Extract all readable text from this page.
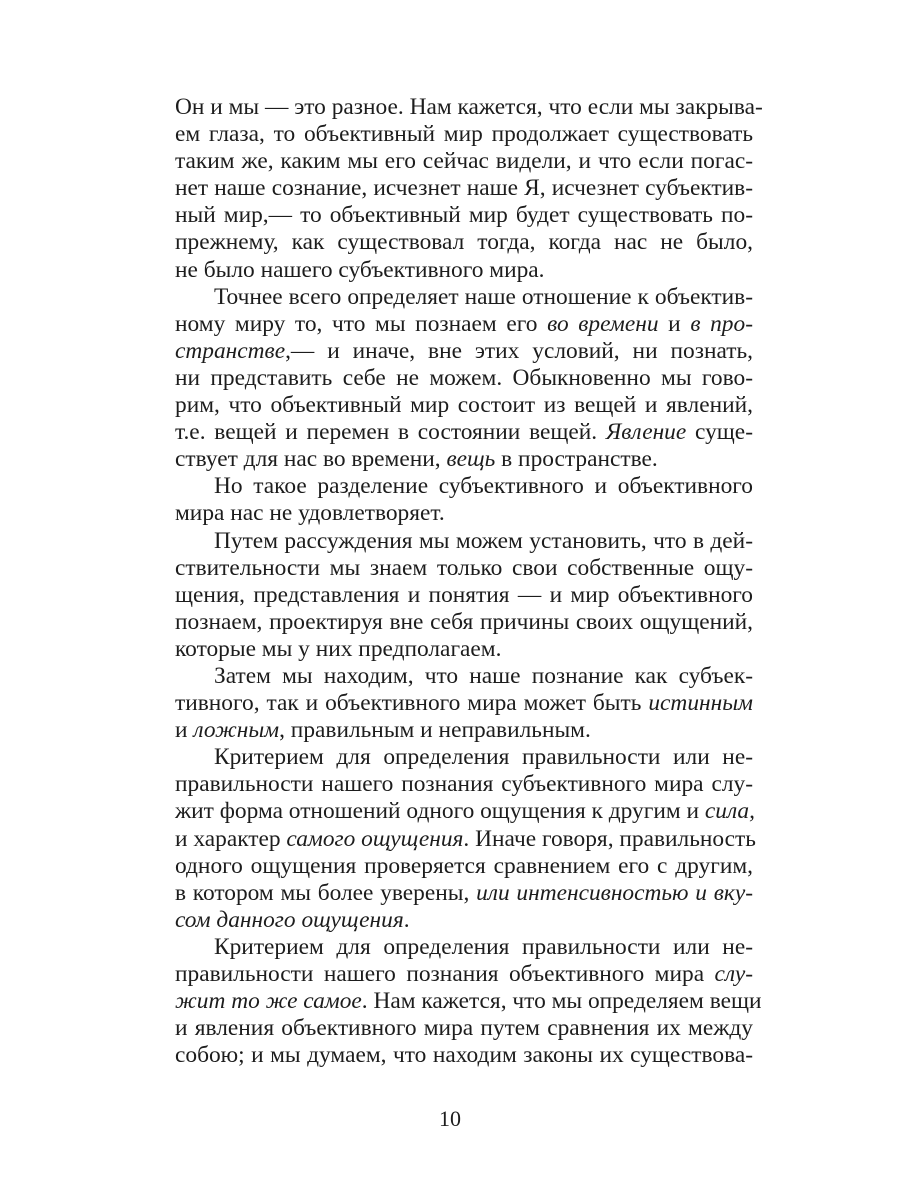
Он и мы — это разное. Нам кажется, что если мы закрыва-
ем глаза, то объективный мир продолжает существовать
таким же, каким мы его сейчас видели, и что если погас-
нет наше сознание, исчезнет наше Я, исчезнет субъектив-
ный мир,— то объективный мир будет существовать по-
прежнему, как существовал тогда, когда нас не было,
не было нашего субъективного мира.
Точнее всего определяет наше отношение к объектив-
ному миру то, что мы познаем его во времени и в про-
странстве,— и иначе, вне этих условий, ни познать,
ни представить себе не можем. Обыкновенно мы гово-
рим, что объективный мир состоит из вещей и явлений,
т.е. вещей и перемен в состоянии вещей. Явление суще-
ствует для нас во времени, вещь в пространстве.
Но такое разделение субъективного и объективного
мира нас не удовлетворяет.
Путем рассуждения мы можем установить, что в дей-
ствительности мы знаем только свои собственные ощу-
щения, представления и понятия — и мир объективного
познаем, проектируя вне себя причины своих ощущений,
которые мы у них предполагаем.
Затем мы находим, что наше познание как субъек-
тивного, так и объективного мира может быть истинным
и ложным, правильным и неправильным.
Критерием для определения правильности или не-
правильности нашего познания субъективного мира слу-
жит форма отношений одного ощущения к другим и сила,
и характер самого ощущения. Иначе говоря, правильность
одного ощущения проверяется сравнением его с другим,
в котором мы более уверены, или интенсивностью и вку-
сом данного ощущения.
Критерием для определения правильности или не-
правильности нашего познания объективного мира слу-
жит то же самое. Нам кажется, что мы определяем вещи
и явления объективного мира путем сравнения их между
собою; и мы думаем, что находим законы их существова-
10
